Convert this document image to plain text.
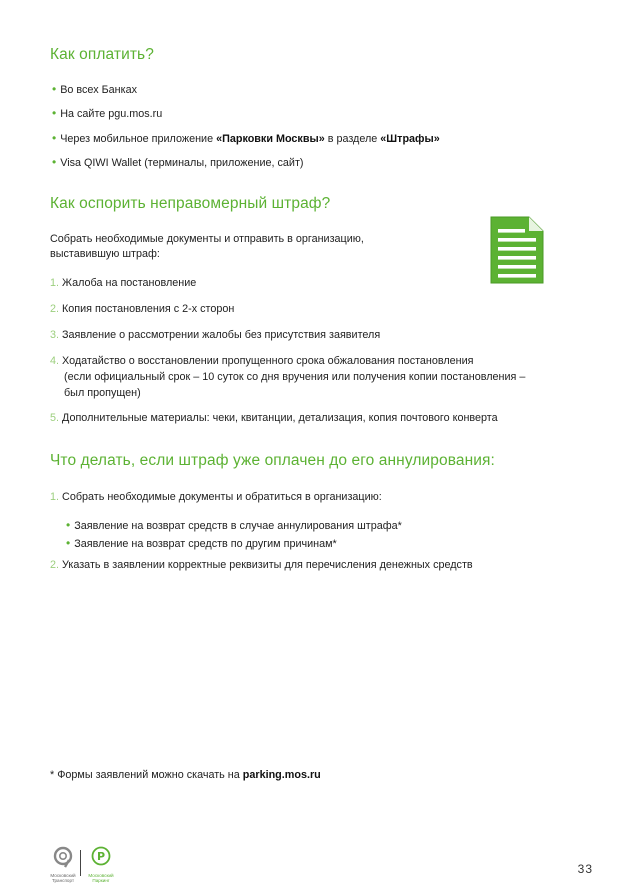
Как оплатить?
• Во всех Банках
• На сайте pgu.mos.ru
• Через мобильное приложение «Парковки Москвы» в разделе «Штрафы»
• Visa QIWI Wallet (терминалы, приложение, сайт)
Как оспорить неправомерный штраф?
Собрать необходимые документы и отправить в организацию,
выставившую штраф:
1. Жалоба на постановление
2. Копия постановления с 2-х сторон
3. Заявление о рассмотрении жалобы без присутствия заявителя
4. Ходатайство о восстановлении пропущенного срока обжалования постановления
(если официальный срок – 10 суток со дня вручения или получения копии постановления –
был пропущен)
5. Дополнительные материалы: чеки, квитанции, детализация, копия почтового конверта
Что делать, если штраф уже оплачен до его аннулирования:
1. Собрать необходимые документы и обратиться в организацию:
• Заявление на возврат средств в случае аннулирования штрафа*
• Заявление на возврат средств по другим причинам*
2. Указать в заявлении корректные реквизиты для перечисления денежных средств
* Формы заявлений можно скачать на parking.mos.ru
Московский
Транспорт
P
Московский
Паркинг
33
